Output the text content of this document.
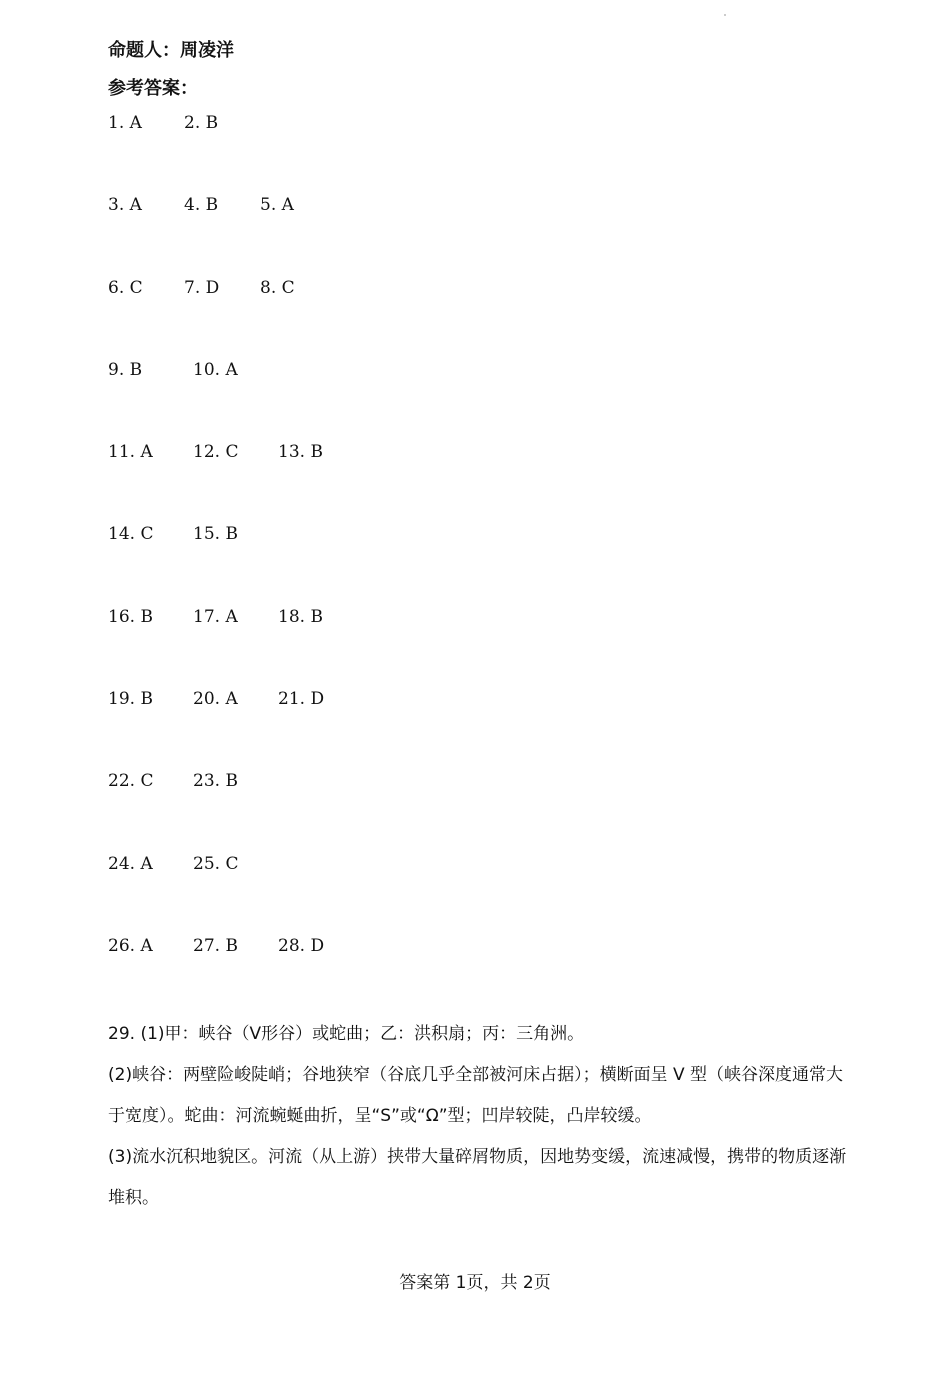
命题人：周凌洋
参考答案：
1. A	2. B
3. A	4. B	5. A
6. C	7. D	8. C
9. B	10. A
11. A	12. C	13. B
14. C	15. B
16. B	17. A	18. B
19. B	20. A	21. D
22. C	23. B
24. A	25. C
26. A	27. B	28. D

29. (1)甲：峡谷（V形谷）或蛇曲；乙：洪积扇；丙：三角洲。

(2)峡谷：两壁险峻陡峭；谷地狭窄（谷底几乎全部被河床占据）；横断面呈 V 型（峡谷深度通常大于宽度）。蛇曲：河流蜿蜒曲折，呈“S”或“Ω”型；凹岸较陡，凸岸较缓。

(3)流水沉积地貌区。河流（从上游）挟带大量碎屑物质，因地势变缓，流速减慢，携带的物质逐渐堆积。

答案第 1页，共 2页
